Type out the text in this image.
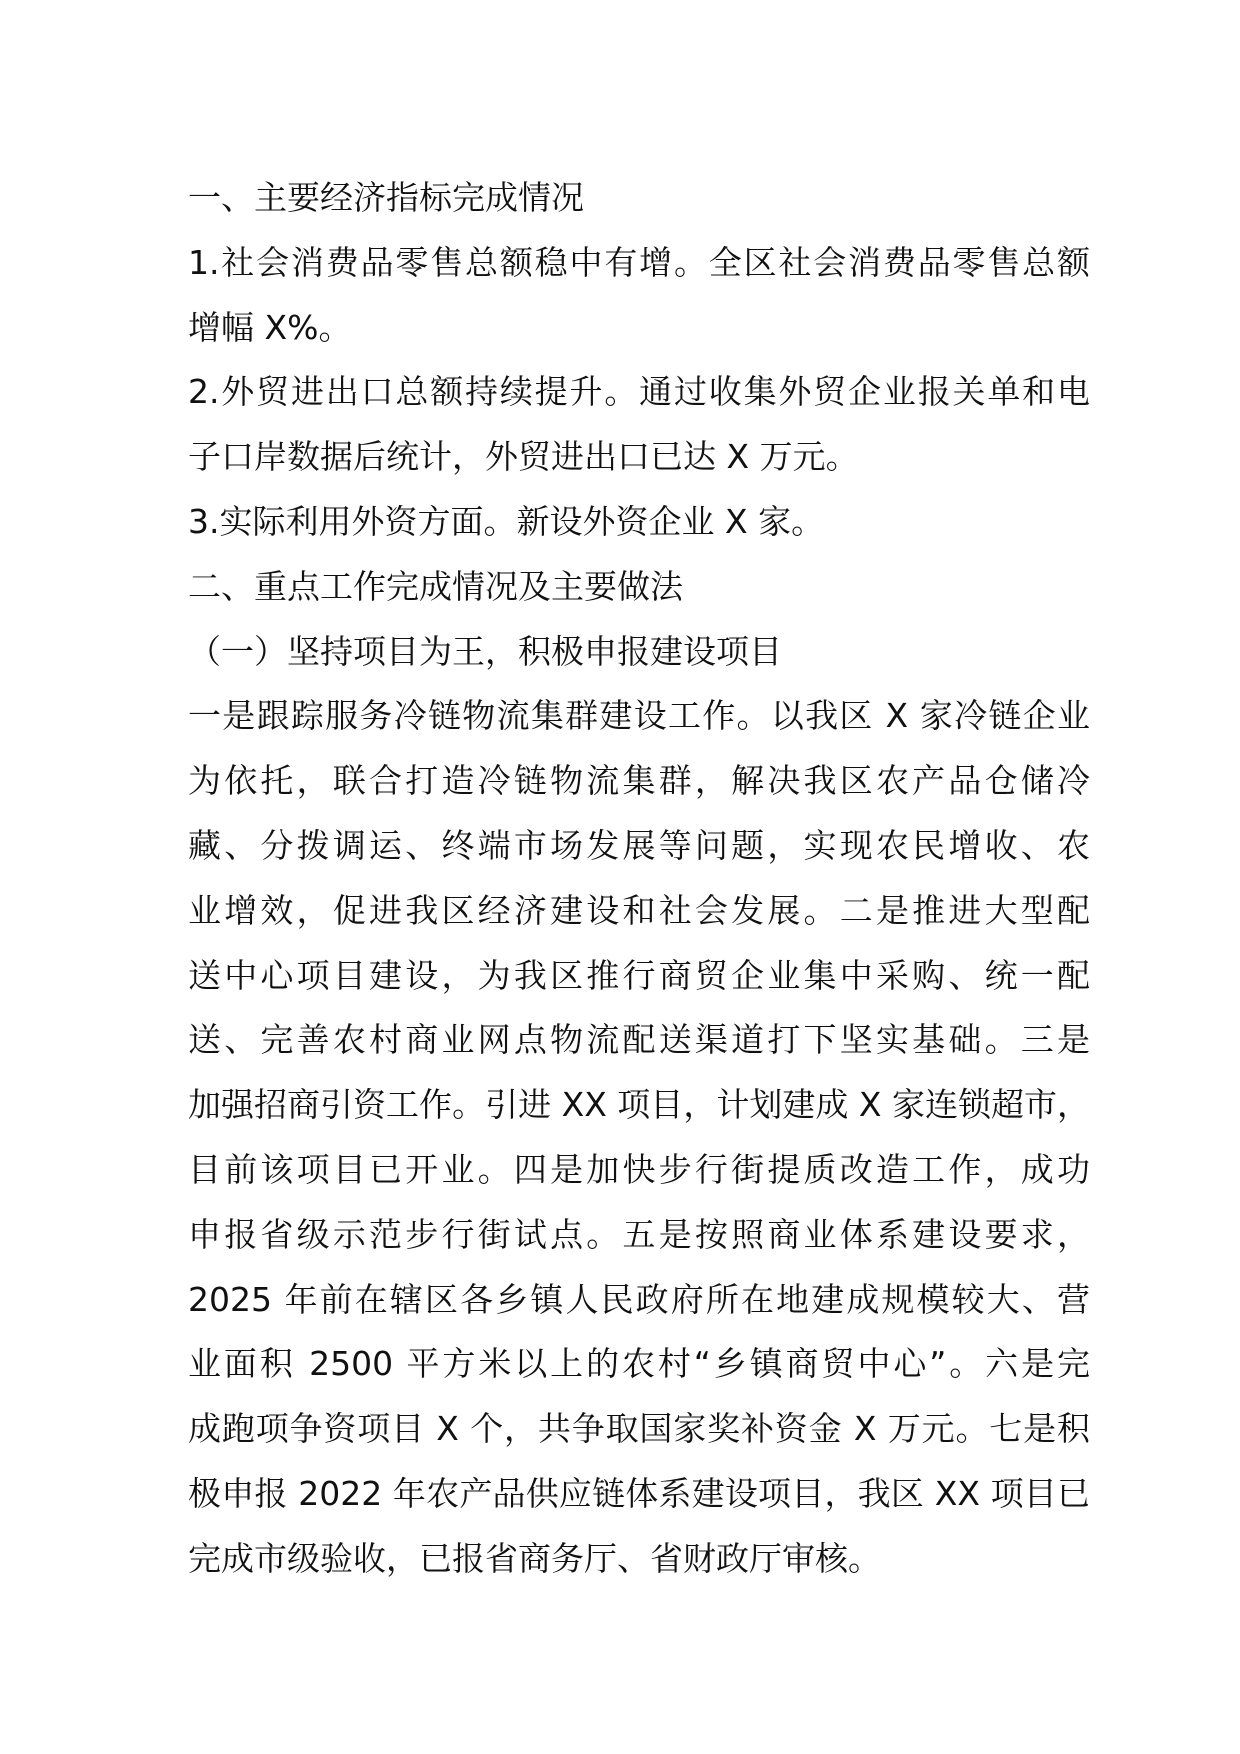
一、主要经济指标完成情况
1.社会消费品零售总额稳中有增。全区社会消费品零售总额
增幅 X%。
2.外贸进出口总额持续提升。通过收集外贸企业报关单和电
子口岸数据后统计，外贸进出口已达 X 万元。
3.实际利用外资方面。新设外资企业 X 家。
二、重点工作完成情况及主要做法
（一）坚持项目为王，积极申报建设项目
一是跟踪服务冷链物流集群建设工作。以我区 X 家冷链企业
为依托，联合打造冷链物流集群，解决我区农产品仓储冷
藏、分拨调运、终端市场发展等问题，实现农民增收、农
业增效，促进我区经济建设和社会发展。二是推进大型配
送中心项目建设，为我区推行商贸企业集中采购、统一配
送、完善农村商业网点物流配送渠道打下坚实基础。三是
加强招商引资工作。引进 XX 项目，计划建成 X 家连锁超市，
目前该项目已开业。四是加快步行街提质改造工作，成功
申报省级示范步行街试点。五是按照商业体系建设要求，
2025 年前在辖区各乡镇人民政府所在地建成规模较大、营
业面积 2500 平方米以上的农村“乡镇商贸中心”。六是完
成跑项争资项目 X 个，共争取国家奖补资金 X 万元。七是积
极申报 2022 年农产品供应链体系建设项目，我区 XX 项目已
完成市级验收，已报省商务厅、省财政厅审核。
